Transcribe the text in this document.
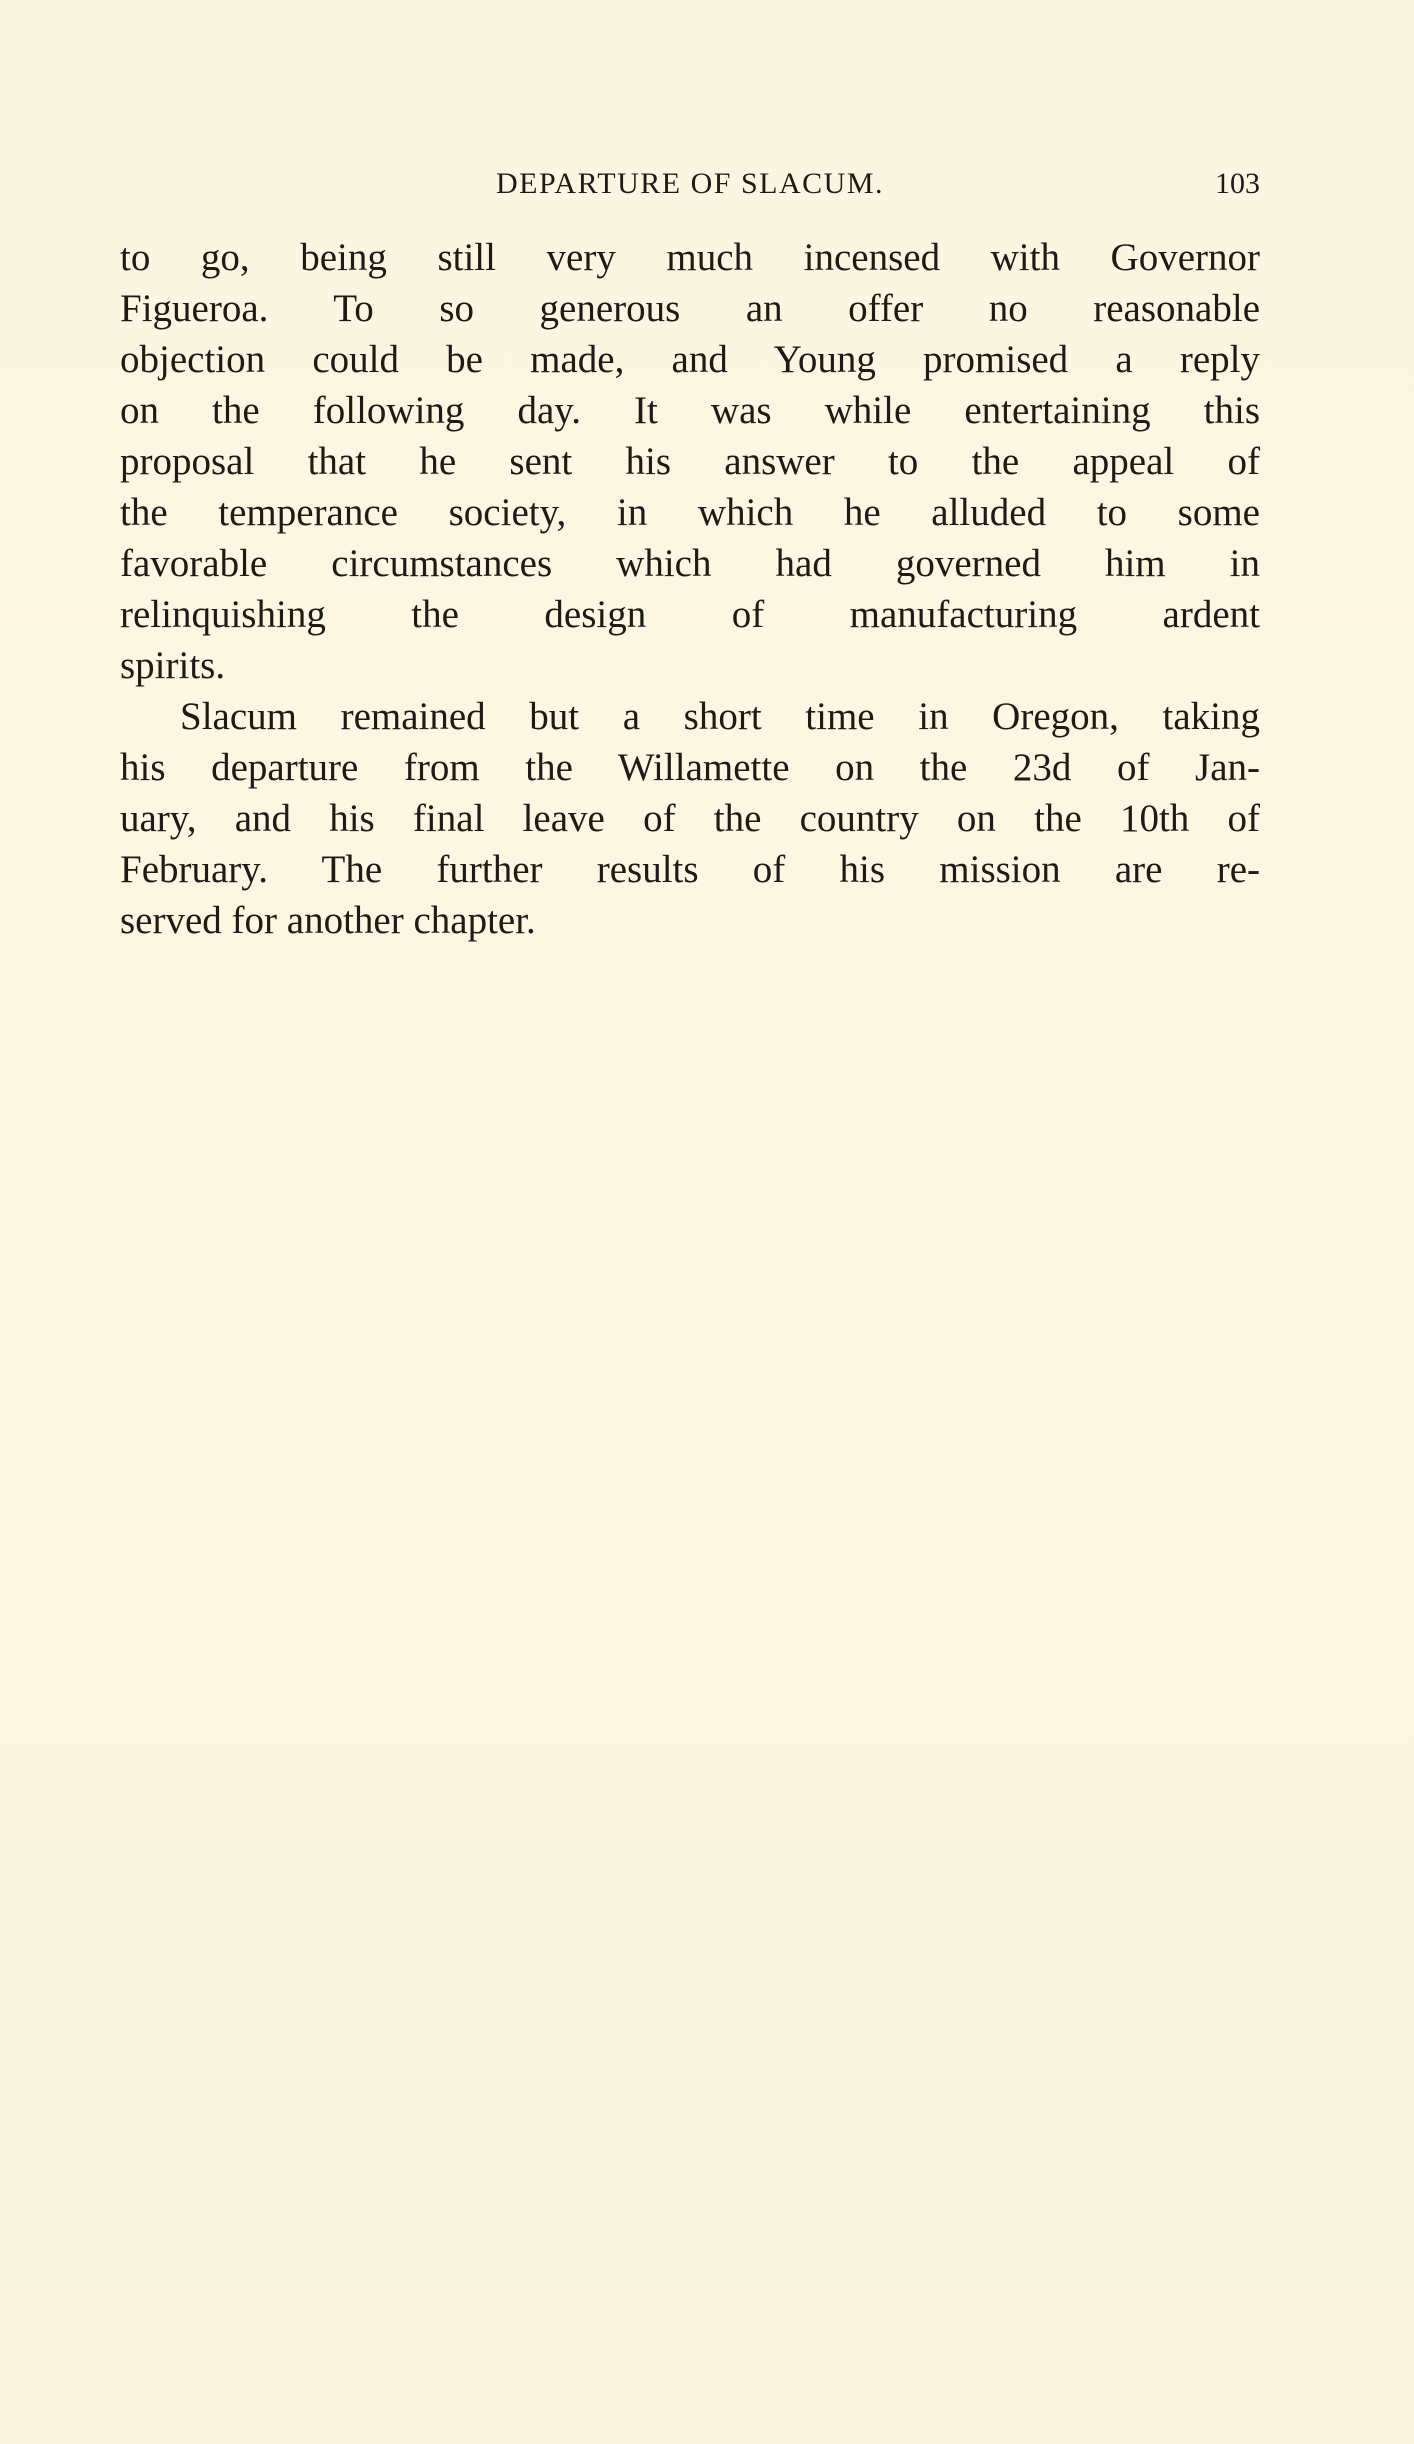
DEPARTURE OF SLACUM.	103
to go, being still very much incensed with Governor
Figueroa. To so generous an offer no reasonable
objection could be made, and Young promised a reply
on the following day. It was while entertaining this
proposal that he sent his answer to the appeal of
the temperance society, in which he alluded to some
favorable circumstances which had governed him in
relinquishing the design of manufacturing ardent
spirits.
Slacum remained but a short time in Oregon, taking
his departure from the Willamette on the 23d of Jan-
uary, and his final leave of the country on the 10th of
February. The further results of his mission are re-
served for another chapter.
